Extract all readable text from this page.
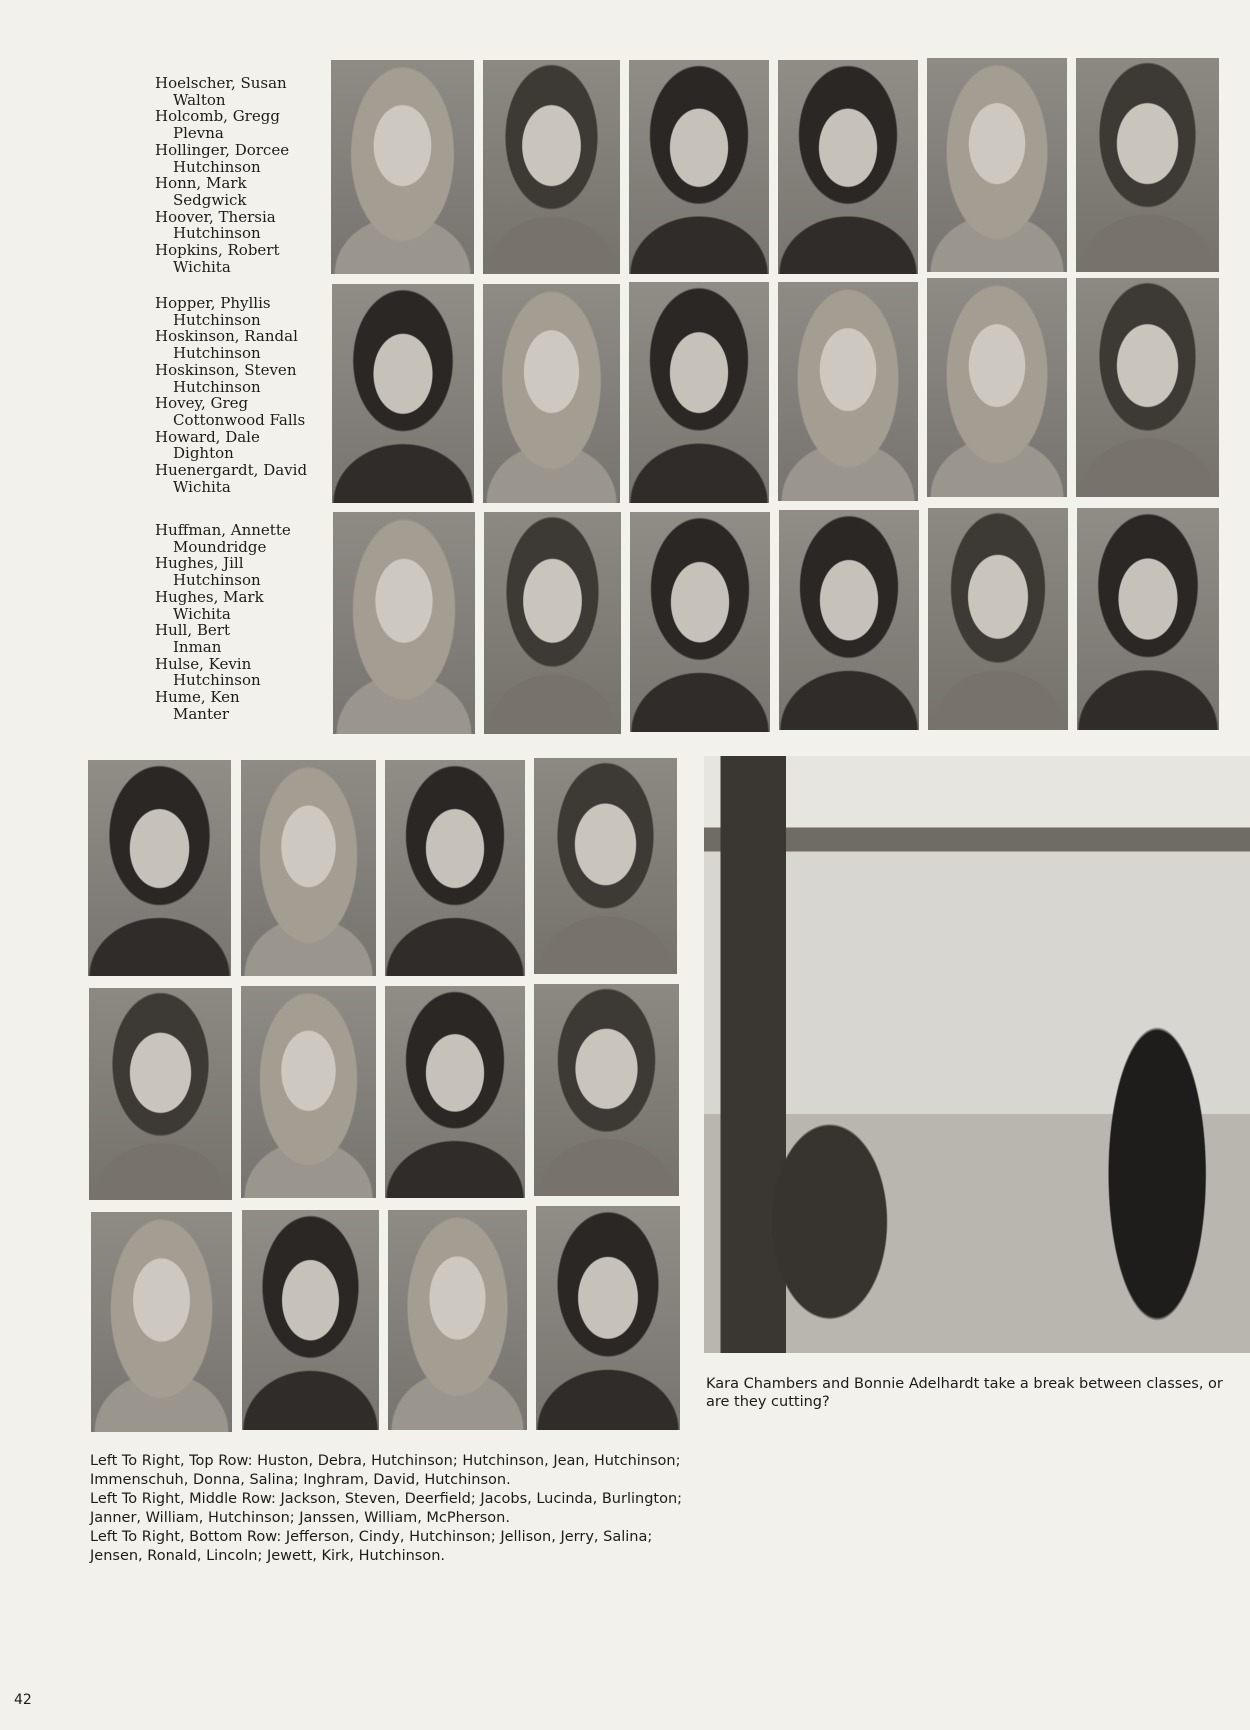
Hoelscher, Susan
Walton
Holcomb, Gregg
Plevna
Hollinger, Dorcee
Hutchinson
Honn, Mark
Sedgwick
Hoover, Thersia
Hutchinson
Hopkins, Robert
Wichita
Hopper, Phyllis
Hutchinson
Hoskinson, Randal
Hutchinson
Hoskinson, Steven
Hutchinson
Hovey, Greg
Cottonwood Falls
Howard, Dale
Dighton
Huenergardt, David
Wichita
Huffman, Annette
Moundridge
Hughes, Jill
Hutchinson
Hughes, Mark
Wichita
Hull, Bert
Inman
Hulse, Kevin
Hutchinson
Hume, Ken
Manter
Kara Chambers and Bonnie Adelhardt take a break between classes, or are they cutting?

Left To Right, Top Row: Huston, Debra, Hutchinson; Hutchinson, Jean, Hutchinson; Immenschuh, Donna, Salina; Inghram, David, Hutchinson.

Left To Right, Middle Row: Jackson, Steven, Deerfield; Jacobs, Lucinda, Burlington; Janner, William, Hutchinson; Janssen, William, McPherson.

Left To Right, Bottom Row: Jefferson, Cindy, Hutchinson; Jellison, Jerry, Salina; Jensen, Ronald, Lincoln; Jewett, Kirk, Hutchinson.

42
